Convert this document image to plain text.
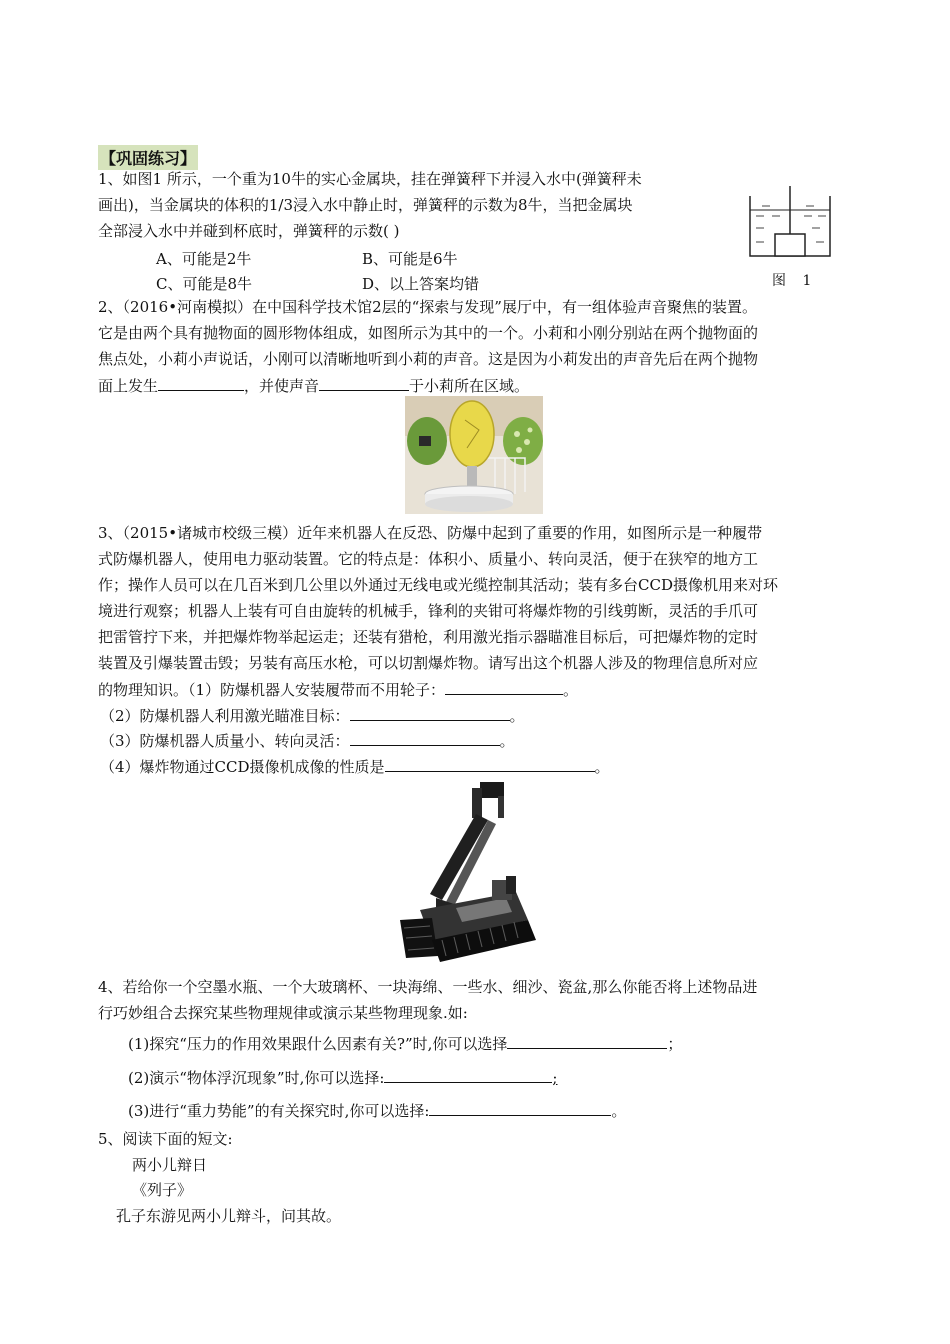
【巩固练习】
1、如图1 所示，一个重为10牛的实心金属块，挂在弹簧秤下并浸入水中(弹簧秤未
画出)，当金属块的体积的1/3浸入水中静止时，弹簧秤的示数为8牛，当把金属块
全部浸入水中并碰到杯底时，弹簧秤的示数( )
A、可能是2牛	B、可能是6牛
C、可能是8牛	D、以上答案均错	图 1
2、（2016•河南模拟）在中国科学技术馆2层的“探索与发现”展厅中，有一组体验声音聚焦的装置。
它是由两个具有抛物面的圆形物体组成，如图所示为其中的一个。小莉和小刚分别站在两个抛物面的
焦点处，小莉小声说话，小刚可以清晰地听到小莉的声音。这是因为小莉发出的声音先后在两个抛物
面上发生	，并使声音	于小莉所在区域。
3、（2015•诸城市校级三模）近年来机器人在反恐、防爆中起到了重要的作用，如图所示是一种履带
式防爆机器人，使用电力驱动装置。它的特点是：体积小、质量小、转向灵活，便于在狭窄的地方工
作；操作人员可以在几百米到几公里以外通过无线电或光缆控制其活动；装有多台CCD摄像机用来对环
境进行观察；机器人上装有可自由旋转的机械手，锋利的夹钳可将爆炸物的引线剪断，灵活的手爪可
把雷管拧下来，并把爆炸物举起运走；还装有猎枪，利用激光指示器瞄准目标后，可把爆炸物的定时
装置及引爆装置击毁；另装有高压水枪，可以切割爆炸物。请写出这个机器人涉及的物理信息所对应
的物理知识。（1）防爆机器人安装履带而不用轮子：	。
（2）防爆机器人利用激光瞄准目标：	。
（3）防爆机器人质量小、转向灵活：	。
（4）爆炸物通过CCD摄像机成像的性质是	。
4、若给你一个空墨水瓶、一个大玻璃杯、一块海绵、一些水、细沙、瓷盆,那么你能否将上述物品进
行巧妙组合去探究某些物理规律或演示某些物理现象.如:
(1)探究“压力的作用效果跟什么因素有关?”时,你可以选择	；
(2)演示“物体浮沉现象”时,你可以选择:	;
(3)进行“重力势能”的有关探究时,你可以选择:	。
5、阅读下面的短文:
两小儿辩日
《列子》
孔子东游见两小儿辩斗，问其故。
